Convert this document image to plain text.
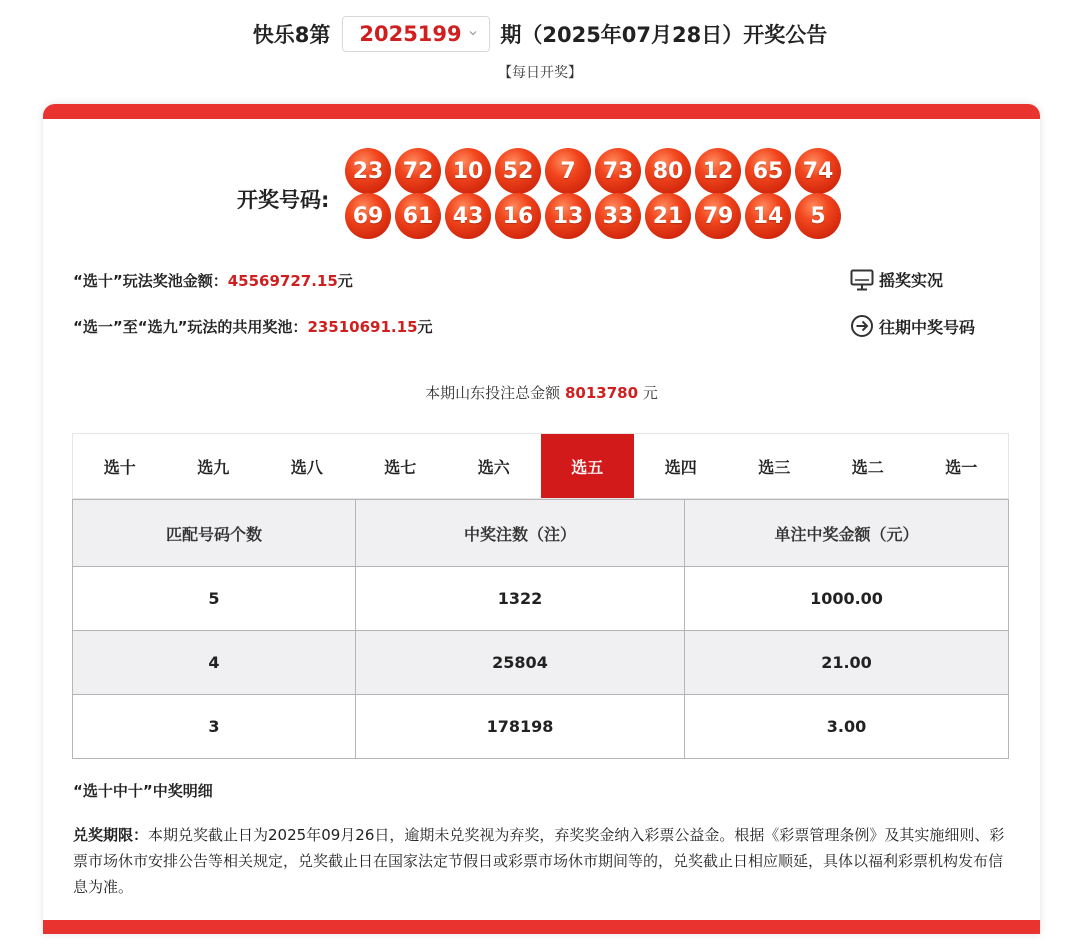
快乐8第 2025199 期（2025年07月28日）开奖公告
【每日开奖】
开奖号码:
23 72 10 52	7	73 80 12 65 74
69 61 43 16 13 33 21 79 14	5
“选十”玩法奖池金额：45569727.15元
“选一”至“选九”玩法的共用奖池：23510691.15元
摇奖实况
往期中奖号码
本期山东投注总金额 8013780 元
选十	选九	选八	选七	选六	选五	选四	选三	选二	选一
匹配号码个数	中奖注数（注）	单注中奖金额（元）
5	1322	1000.00
4	25804	21.00
3	178198	3.00
“选十中十”中奖明细
兑奖期限：本期兑奖截止日为2025年09月26日，逾期未兑奖视为弃奖，弃奖奖金纳入彩票公益金。根据《彩票管理条例》及其实施细则、彩票市场休市安排公告等相关规定，兑奖截止日在国家法定节假日或彩票市场休市期间等的，兑奖截止日相应顺延，具体以福利彩票机构发布信息为准。
